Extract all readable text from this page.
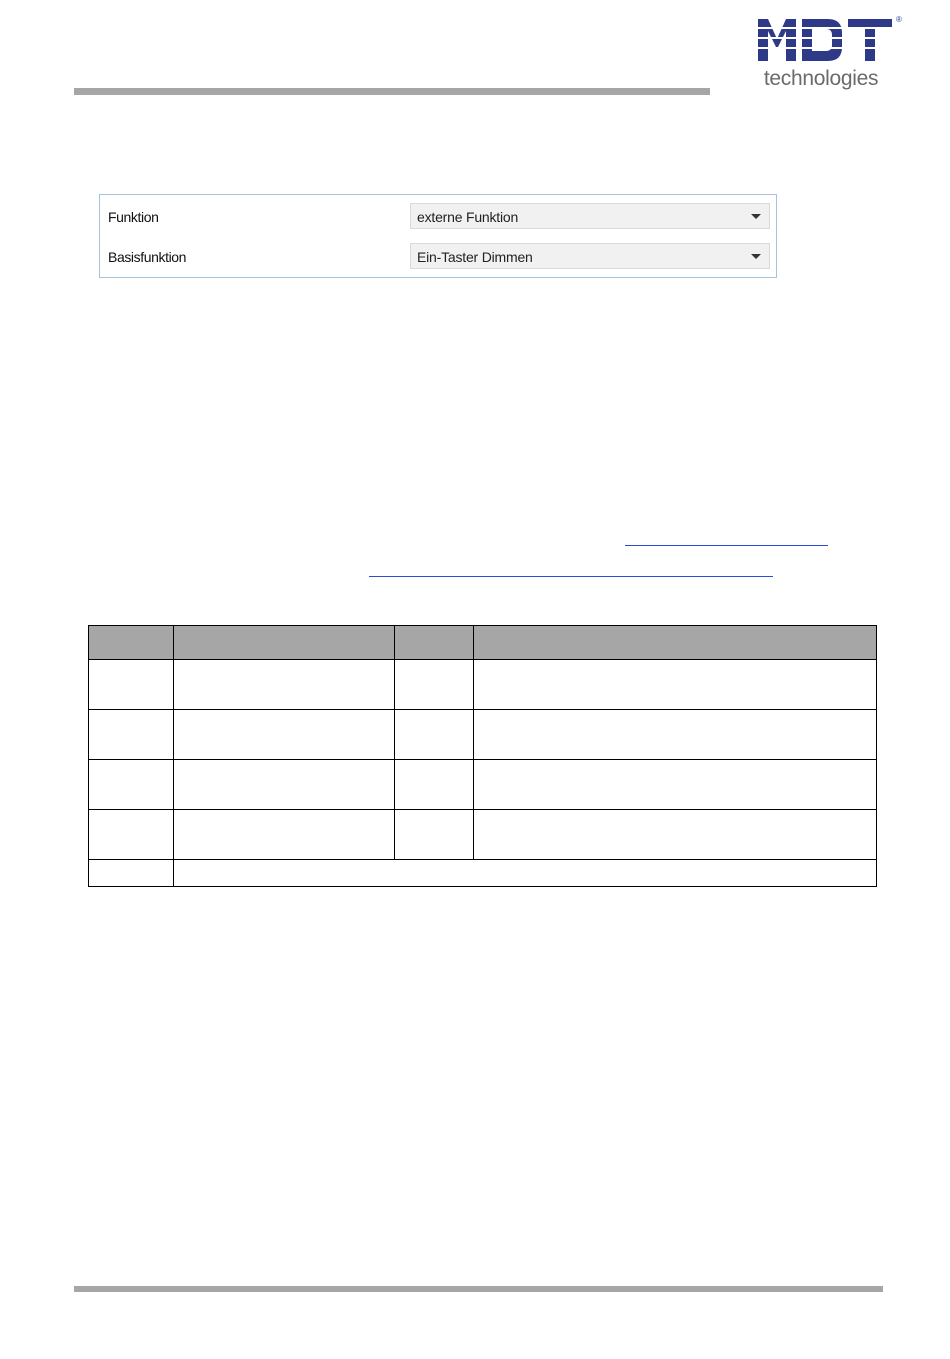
®
technologies
Funktion	externe Funktion
Basisfunktion	Ein-Taster Dimmen
